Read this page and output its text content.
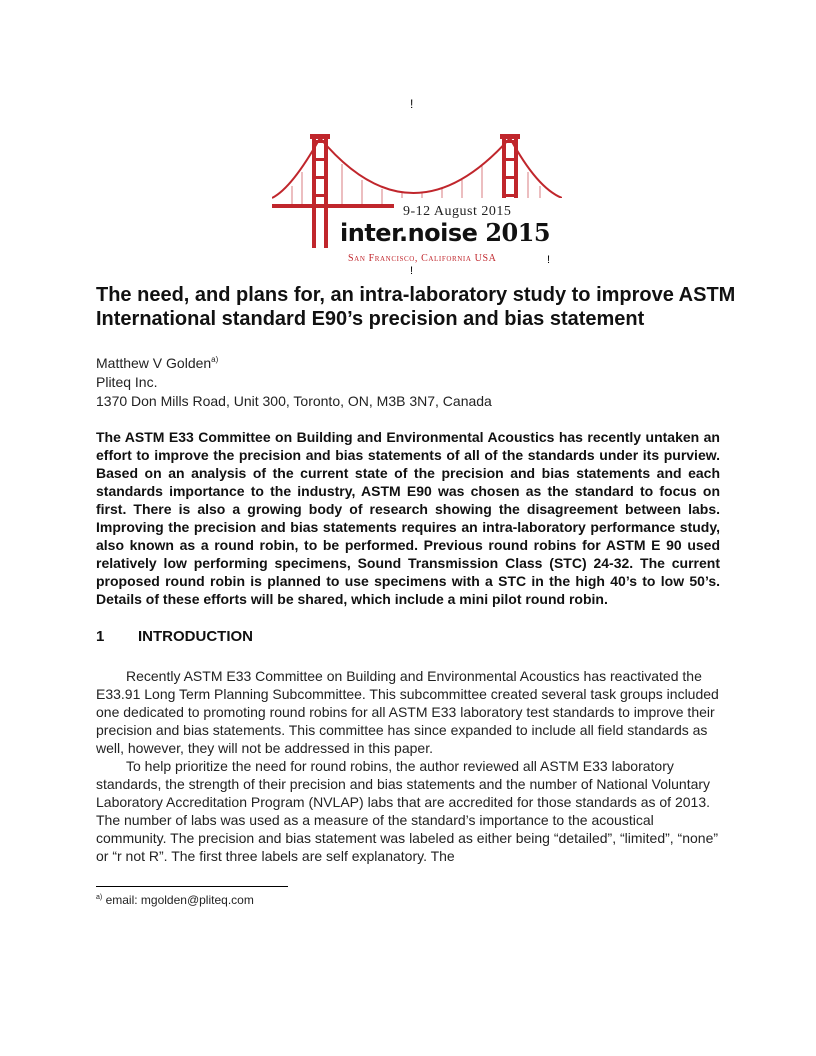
!
9-12 August 2015
inter.noise 2015
San Francisco, California USA	!
!
The need, and plans for, an intra-laboratory study to improve ASTM International standard E90’s precision and bias statement
Matthew V Golden$^{a)}$
Pliteq Inc.
1370 Don Mills Road, Unit 300, Toronto, ON, M3B 3N7, Canada
The ASTM E33 Committee on Building and Environmental Acoustics has recently untaken an effort to improve the precision and bias statements of all of the standards under its purview. Based on an analysis of the current state of the precision and bias statements and each standards importance to the industry, ASTM E90 was chosen as the standard to focus on first. There is also a growing body of research showing the disagreement between labs. Improving the precision and bias statements requires an intra-laboratory performance study, also known as a round robin, to be performed. Previous round robins for ASTM E 90 used relatively low performing specimens, Sound Transmission Class (STC) 24-32. The current proposed round robin is planned to use specimens with a STC in the high 40’s to low 50’s. Details of these efforts will be shared, which include a mini pilot round robin.
1 INTRODUCTION

Recently ASTM E33 Committee on Building and Environmental Acoustics has reactivated the E33.91 Long Term Planning Subcommittee. This subcommittee created several task groups included one dedicated to promoting round robins for all ASTM E33 laboratory test standards to improve their precision and bias statements. This committee has since expanded to include all field standards as well, however, they will not be addressed in this paper.

To help prioritize the need for round robins, the author reviewed all ASTM E33 laboratory standards, the strength of their precision and bias statements and the number of National Voluntary Laboratory Accreditation Program (NVLAP) labs that are accredited for those standards as of 2013. The number of labs was used as a measure of the standard’s importance to the acoustical community. The precision and bias statement was labeled as either being “detailed”, “limited”, “none” or “r not R”. The first three labels are self explanatory. The

$^{a)}$ email: mgolden@pliteq.com
